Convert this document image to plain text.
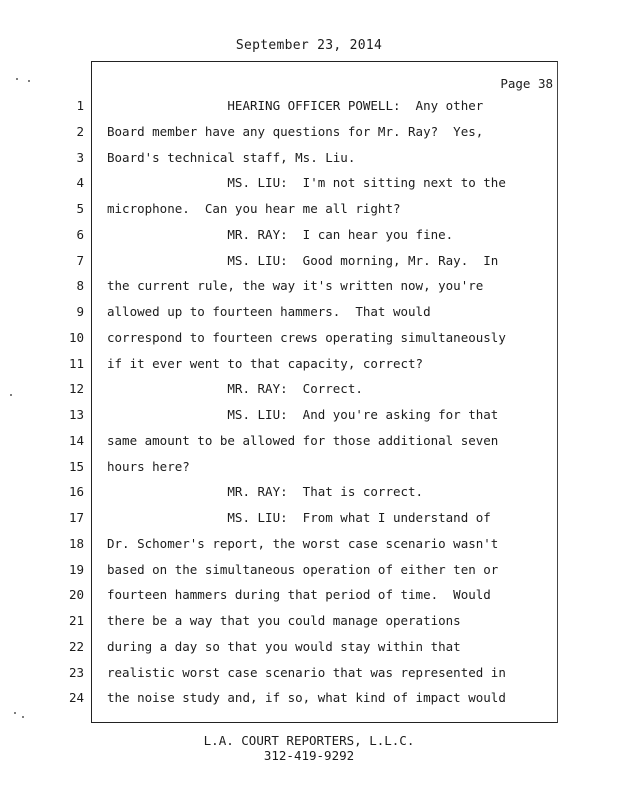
September 23, 2014
Page 38
1
2
3
4
5
6
7
8
9
10
11
12
13
14
15
16
17
18
19
20
21
22
23
24
HEARING OFFICER POWELL:  Any other
Board member have any questions for Mr. Ray?  Yes,
Board's technical staff, Ms. Liu.
MS. LIU:  I'm not sitting next to the
microphone.  Can you hear me all right?
MR. RAY:  I can hear you fine.
MS. LIU:  Good morning, Mr. Ray.  In
the current rule, the way it's written now, you're
allowed up to fourteen hammers.  That would
correspond to fourteen crews operating simultaneously
if it ever went to that capacity, correct?
MR. RAY:  Correct.
MS. LIU:  And you're asking for that
same amount to be allowed for those additional seven
hours here?
MR. RAY:  That is correct.
MS. LIU:  From what I understand of
Dr. Schomer's report, the worst case scenario wasn't
based on the simultaneous operation of either ten or
fourteen hammers during that period of time.  Would
there be a way that you could manage operations
during a day so that you would stay within that
realistic worst case scenario that was represented in
the noise study and, if so, what kind of impact would
L.A. COURT REPORTERS, L.L.C.
312-419-9292
